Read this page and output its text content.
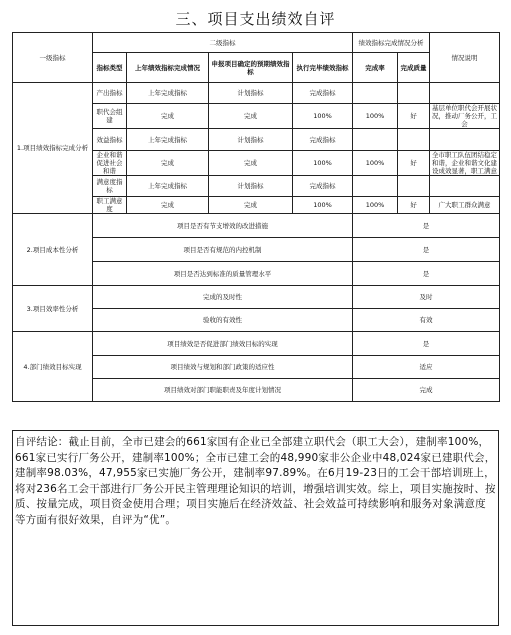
三、项目支出绩效自评
一级指标	二级指标				绩效指标完成情况分析		情况说明
	指标类型	上年绩效指标完成情况	申报项目确定的预期绩效指标	执行完毕绩效指标	完成率	完成质量	
1.项目绩效指标完成分析	产出指标	上年完成指标	计划指标	完成指标			
	职代会组建	完成	完成	100%	100%	好	基层单位职代会开展状况，推动厂务公开，工会
	效益指标	上年完成指标	计划指标	完成指标			
	企业和谐促进社会和谐	完成	完成	100%	100%	好	全市职工队伍团结稳定和谐，企业和谐文化建设成效显著，职工满意
	满意度指标	上年完成指标	计划指标	完成指标			
	职工满意度	完成	完成	100%	100%	好	广大职工群众满意
2.项目成本性分析	项目是否有节支增效的改进措施				是		
	项目是否有规范的内控机制				是		
	项目是否达到标准的质量管理水平				是		
3.项目效率性分析	完成的及时性				及时		
	验收的有效性				有效		
4.部门绩效目标实现	项目绩效是否促进部门绩效目标的实现				是		
	项目绩效与规划和部门政策的适应性				适应		
	项目绩效对部门职能职责及年度计划情况				完成		
自评结论：截止目前，全市已建会的661家国有企业已全部建立职代会（职工大会），建制率100%，661家已实行厂务公开，建制率100%；全市已建工会的48,990家非公企业中48,024家已建职代会，建制率98.03%，47,955家已实施厂务公开，建制率97.89%。在6月19-23日的工会干部培训班上，将对236名工会干部进行厂务公开民主管理理论知识的培训，增强培训实效。综上，项目实施按时、按质、按量完成，项目资金使用合理；项目实施后在经济效益、社会效益可持续影响和服务对象满意度等方面有很好效果，自评为“优”。
